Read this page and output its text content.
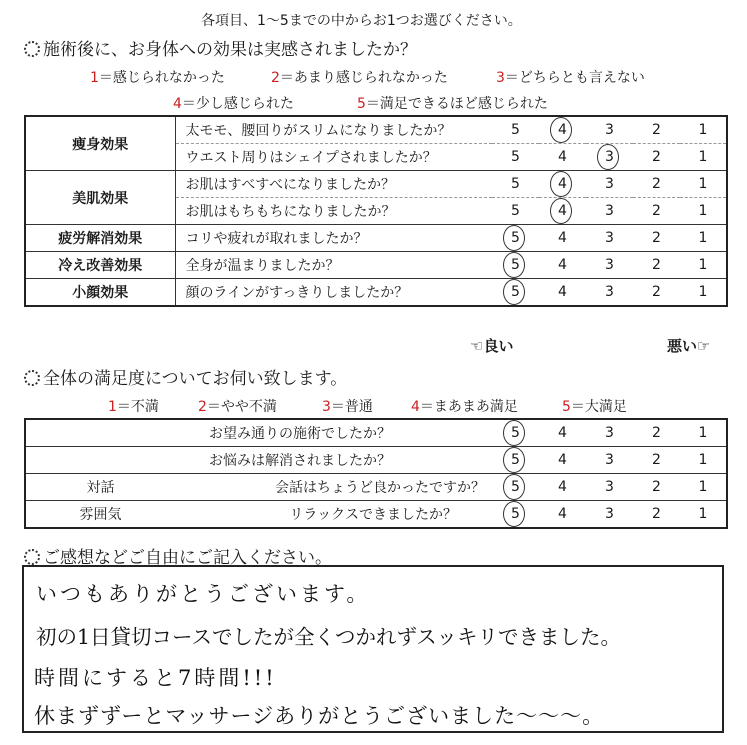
各項目、1～5までの中からお1つお選びください。
施術後に、お身体への効果は実感されましたか？
1＝感じられなかった	2＝あまり感じられなかった	3＝どちらとも言えない
4＝少し感じられた	5＝満足できるほど感じられた
痩身効果	太モモ、腰回りがスリムになりましたか？	5	4	3	2	1
	ウエスト周りはシェイプされましたか？	5	4	3	2	1
美肌効果	お肌はすべすべになりましたか？	5	4	3	2	1
	お肌はもちもちになりましたか？	5	4	3	2	1
疲労解消効果	コリや疲れが取れましたか？	5	4	3	2	1
冷え改善効果	全身が温まりましたか？	5	4	3	2	1
小顔効果	顔のラインがすっきりしましたか？	5	4	3	2	1
☜良い	悪い☞
全体の満足度についてお伺い致します。
1＝不満	2＝やや不満	3＝普通	4＝まあまあ満足	5＝大満足
お望み通りの施術でしたか？		5	4	3	2	1
お悩みは解消されましたか？		5	4	3	2	1
対話	会話はちょうど良かったですか？	5	4	3	2	1
雰囲気	リラックスできましたか？	5	4	3	2	1
ご感想などご自由にご記入ください。
いつもありがとうございます。
初の1日貸切コースでしたが全くつかれずスッキリできました。
時間にすると7時間!!!
休まずずーとマッサージありがとうございました～～～。
